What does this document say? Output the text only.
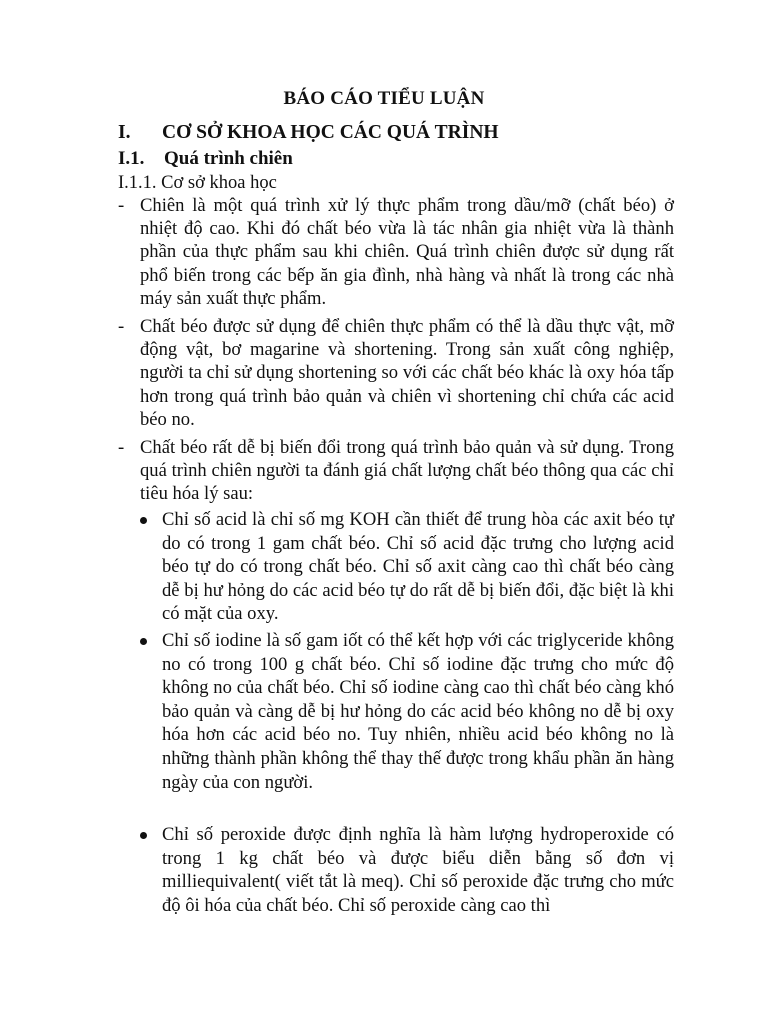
BÁO CÁO TIỂU LUẬN
I. CƠ SỞ KHOA HỌC CÁC QUÁ TRÌNH
I.1. Quá trình chiên
I.1.1. Cơ sở khoa học
- Chiên là một quá trình xử lý thực phẩm trong dầu/mỡ (chất béo) ở nhiệt độ cao. Khi đó chất béo vừa là tác nhân gia nhiệt vừa là thành phần của thực phẩm sau khi chiên. Quá trình chiên được sử dụng rất phổ biến trong các bếp ăn gia đình, nhà hàng và nhất là trong các nhà máy sản xuất thực phẩm.
- Chất béo được sử dụng để chiên thực phẩm có thể là dầu thực vật, mỡ động vật, bơ magarine và shortening. Trong sản xuất công nghiệp, người ta chỉ sử dụng shortening so với các chất béo khác là oxy hóa tấp hơn trong quá trình bảo quản và chiên vì shortening chỉ chứa các acid béo no.
- Chất béo rất dễ bị biến đổi trong quá trình bảo quản và sử dụng. Trong quá trình chiên người ta đánh giá chất lượng chất béo thông qua các chỉ tiêu hóa lý sau:
Chỉ số acid là chỉ số mg KOH cần thiết để trung hòa các axit béo tự do có trong 1 gam chất béo. Chỉ số acid đặc trưng cho lượng acid béo tự do có trong chất béo. Chỉ số axit càng cao thì chất béo càng dễ bị hư hỏng do các acid béo tự do rất dễ bị biến đổi, đặc biệt là khi có mặt của oxy.
Chỉ số iodine là số gam iốt có thể kết hợp với các triglyceride không no có trong 100 g chất béo. Chỉ số iodine đặc trưng cho mức độ không no của chất béo. Chỉ số iodine càng cao thì chất béo càng khó bảo quản và càng dễ bị hư hỏng do các acid béo không no dễ bị oxy hóa hơn các acid béo no. Tuy nhiên, nhiều acid béo không no là những thành phần không thể thay thế được trong khẩu phần ăn hàng ngày của con người.
Chỉ số peroxide được định nghĩa là hàm lượng hydroperoxide có trong 1 kg chất béo và được biểu diễn bằng số đơn vị milliequivalent( viết tắt là meq). Chỉ số peroxide đặc trưng cho mức độ ôi hóa của chất béo. Chỉ số peroxide càng cao thì
